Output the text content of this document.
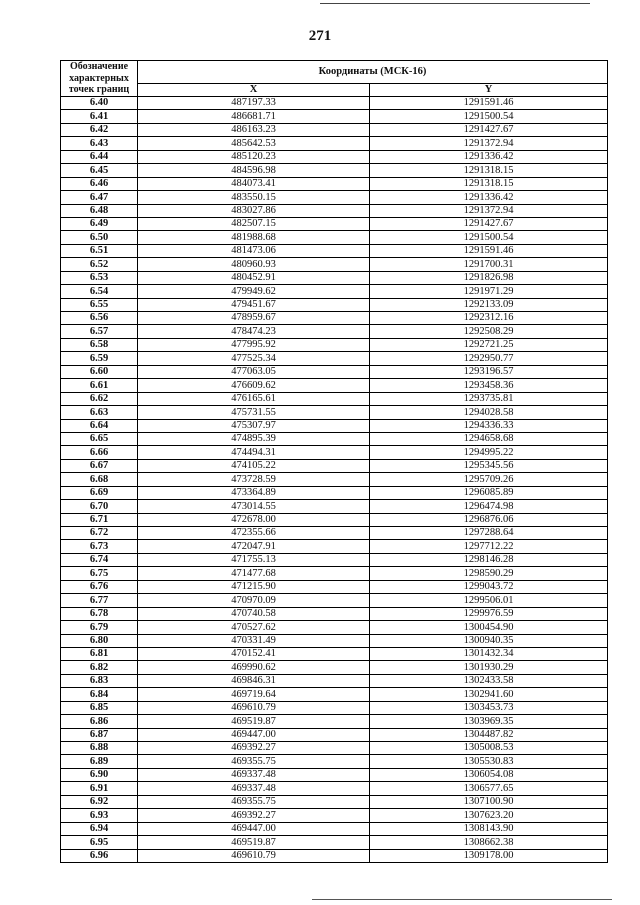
271
Обозначение характерных точек границ	Координаты (МСК-16)	
	X	Y
6.40	487197.33	1291591.46
6.41	486681.71	1291500.54
6.42	486163.23	1291427.67
6.43	485642.53	1291372.94
6.44	485120.23	1291336.42
6.45	484596.98	1291318.15
6.46	484073.41	1291318.15
6.47	483550.15	1291336.42
6.48	483027.86	1291372.94
6.49	482507.15	1291427.67
6.50	481988.68	1291500.54
6.51	481473.06	1291591.46
6.52	480960.93	1291700.31
6.53	480452.91	1291826.98
6.54	479949.62	1291971.29
6.55	479451.67	1292133.09
6.56	478959.67	1292312.16
6.57	478474.23	1292508.29
6.58	477995.92	1292721.25
6.59	477525.34	1292950.77
6.60	477063.05	1293196.57
6.61	476609.62	1293458.36
6.62	476165.61	1293735.81
6.63	475731.55	1294028.58
6.64	475307.97	1294336.33
6.65	474895.39	1294658.68
6.66	474494.31	1294995.22
6.67	474105.22	1295345.56
6.68	473728.59	1295709.26
6.69	473364.89	1296085.89
6.70	473014.55	1296474.98
6.71	472678.00	1296876.06
6.72	472355.66	1297288.64
6.73	472047.91	1297712.22
6.74	471755.13	1298146.28
6.75	471477.68	1298590.29
6.76	471215.90	1299043.72
6.77	470970.09	1299506.01
6.78	470740.58	1299976.59
6.79	470527.62	1300454.90
6.80	470331.49	1300940.35
6.81	470152.41	1301432.34
6.82	469990.62	1301930.29
6.83	469846.31	1302433.58
6.84	469719.64	1302941.60
6.85	469610.79	1303453.73
6.86	469519.87	1303969.35
6.87	469447.00	1304487.82
6.88	469392.27	1305008.53
6.89	469355.75	1305530.83
6.90	469337.48	1306054.08
6.91	469337.48	1306577.65
6.92	469355.75	1307100.90
6.93	469392.27	1307623.20
6.94	469447.00	1308143.90
6.95	469519.87	1308662.38
6.96	469610.79	1309178.00
